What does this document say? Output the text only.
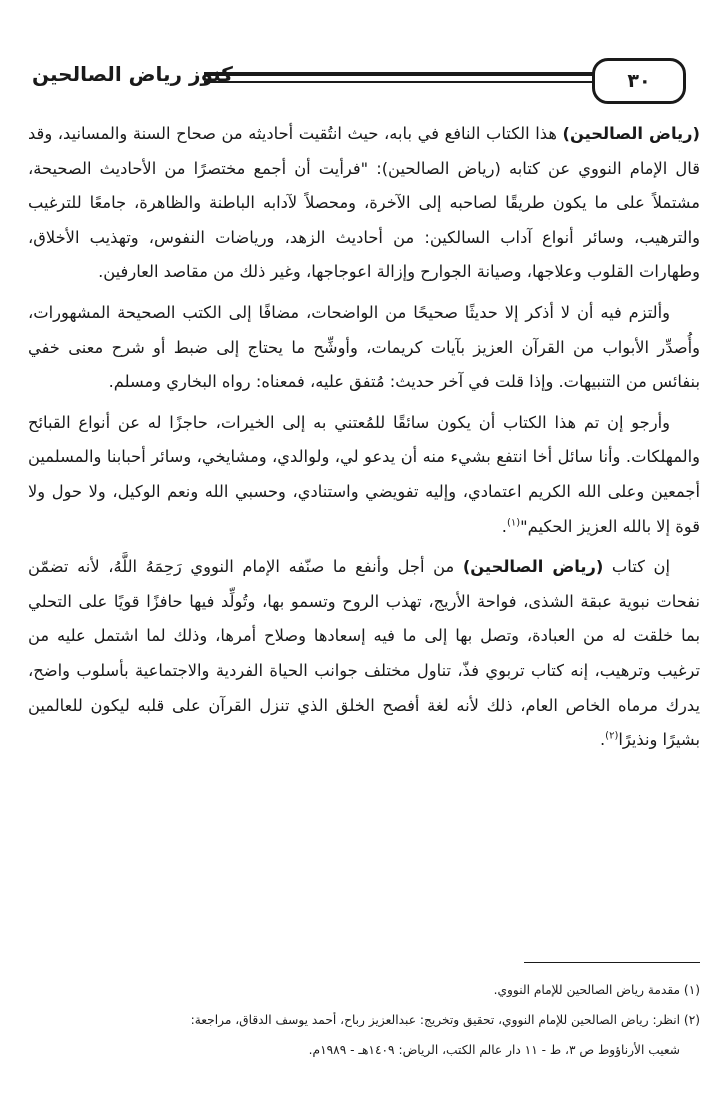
٣٠
كنوز رياض الصالحين

(رياض الصالحين) هذا الكتاب النافع في بابه، حيث انتُقيت أحاديثه من صحاح السنة والمسانيد، وقد قال الإمام النووي عن كتابه (رياض الصالحين): "فرأيت أن أجمع مختصرًا من الأحاديث الصحيحة، مشتملاً على ما يكون طريقًا لصاحبه إلى الآخرة، ومحصلاً لآدابه الباطنة والظاهرة، جامعًا للترغيب والترهيب، وسائر أنواع آداب السالكين: من أحاديث الزهد، ورياضات النفوس، وتهذيب الأخلاق، وطهارات القلوب وعلاجها، وصيانة الجوارح وإزالة اعوجاجها، وغير ذلك من مقاصد العارفين.

وألتزم فيه أن لا أذكر إلا حديثًا صحيحًا من الواضحات، مضافًا إلى الكتب الصحيحة المشهورات، وأُصدِّر الأبواب من القرآن العزيز بآيات كريمات، وأوشِّح ما يحتاج إلى ضبط أو شرح معنى خفي بنفائس من التنبيهات. وإذا قلت في آخر حديث: مُتفق عليه، فمعناه: رواه البخاري ومسلم.

وأرجو إن تم هذا الكتاب أن يكون سائقًا للمُعتني به إلى الخيرات، حاجزًا له عن أنواع القبائح والمهلكات. وأنا سائل أخا انتفع بشيء منه أن يدعو لي، ولوالدي، ومشايخي، وسائر أحبابنا والمسلمين أجمعين وعلى الله الكريم اعتمادي، وإليه تفويضي واستنادي، وحسبي الله ونعم الوكيل، ولا حول ولا قوة إلا بالله العزيز الحكيم"$^{(١)}$.

إن كتاب (رياض الصالحين) من أجل وأنفع ما صنّفه الإمام النووي رَحِمَهُ اللَّهُ، لأنه تضمّن نفحات نبوية عبقة الشذى، فواحة الأريج، تهذب الروح وتسمو بها، وتُولِّد فيها حافزًا قويًا على التحلي بما خلقت له من العبادة، وتصل بها إلى ما فيه إسعادها وصلاح أمرها، وذلك لما اشتمل عليه من ترغيب وترهيب، إنه كتاب تربوي فذّ، تناول مختلف جوانب الحياة الفردية والاجتماعية بأسلوب واضح، يدرك مرماه الخاص العام، ذلك لأنه لغة أفصح الخلق الذي تنزل القرآن على قلبه ليكون للعالمين بشيرًا ونذيرًا$^{(٢)}$.

(١) مقدمة رياض الصالحين للإمام النووي.

(٢) انظر: رياض الصالحين للإمام النووي، تحقيق وتخريج: عبدالعزيز رباح، أحمد يوسف الدقاق، مراجعة:

شعيب الأرناؤوط ص ٣، ط - ١١ دار عالم الكتب، الرياض: ١٤٠٩هـ - ١٩٨٩م.
